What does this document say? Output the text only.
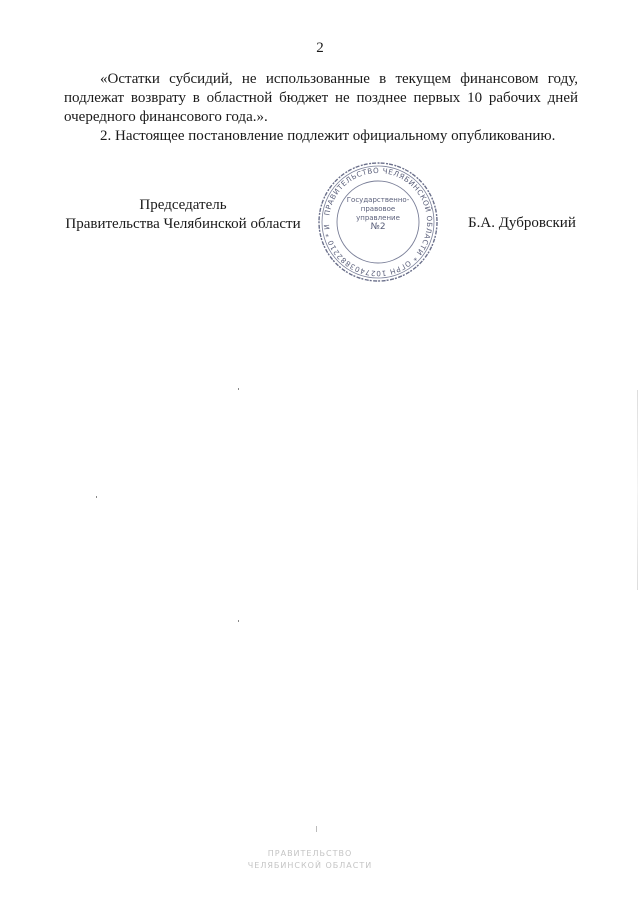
2

«Остатки субсидий, не использованные в текущем финансовом году, подлежат возврату в областной бюджет не позднее первых 10 рабочих дней очередного финансового года.».

2. Настоящее постановление подлежит официальному опубликованию.

Председатель
Правительства Челябинской области
ПРАВИТЕЛЬСТВО ЧЕЛЯБИНСКОЙ ОБЛАСТИ * ОГРН 1027403882210 * И
Государственно-
правовое
управление
№2	Б.А. Дубровский
ПРАВИТЕЛЬСТВО
ЧЕЛЯБИНСКОЙ ОБЛАСТИ
